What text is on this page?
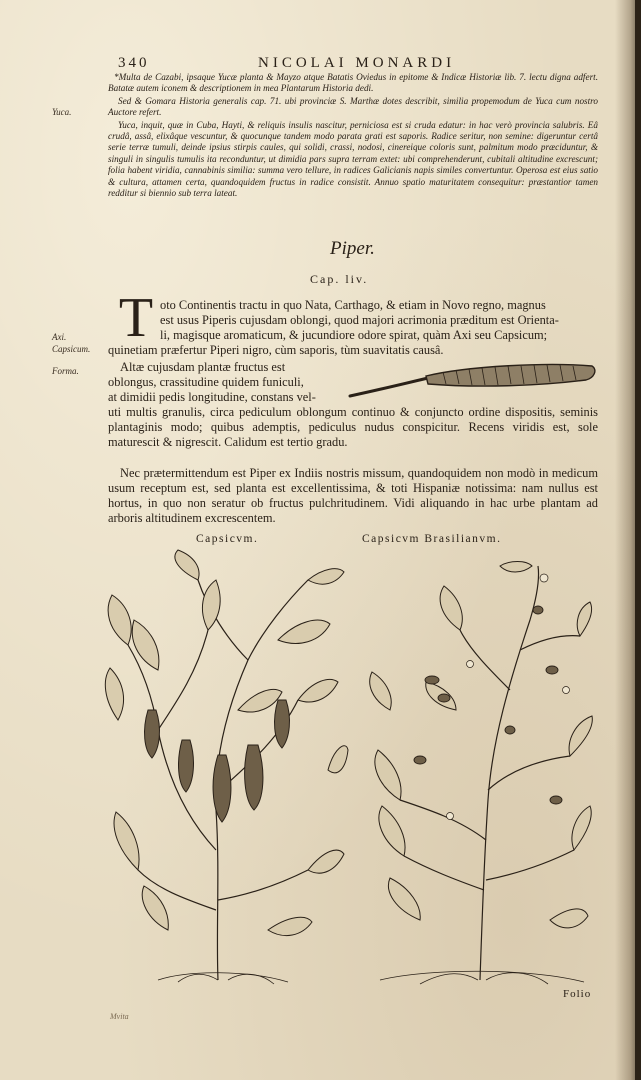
340	NICOLAI MONARDI
Yuca.
Axi.
Capsicum.
Forma.

*Multa de Cazabi, ipsaque Yucæ planta & Mayzo atque Batatis Oviedus in epitome & Indicæ Historiæ lib. 7. lectu digna adfert. Batatæ autem iconem & descriptionem in mea Plantarum Historia dedi.

Sed & Gomara Historia generalis cap. 71. ubi provinciæ S. Marthæ dotes describit, similia propemodum de Yuca cum nostro Auctore refert.

Yuca, inquit, quæ in Cuba, Hayti, & reliquis insulis nascitur, perniciosa est si cruda edatur: in hac verò provincia salubris. Eâ crudâ, assâ, elixâque vescuntur, & quocunque tandem modo parata grati est saporis. Radice seritur, non semine: digeruntur certâ serie terræ tumuli, deinde ipsius stirpis caules, qui solidi, crassi, nodosi, cinereique coloris sunt, palmitum modo præciduntur, & singuli in singulis tumulis ita reconduntur, ut dimidia pars supra terram extet: ubi comprehenderunt, cubitali altitudine excrescunt; folia habent viridia, cannabinis similia: summa vero tellure, in radices Galicianis napis similes convertuntur. Operosa est eius satio & cultura, attamen certa, quandoquidem fructus in radice consistit. Annuo spatio maturitatem consequitur: præstantior tamen redditur si biennio sub terra lateat.

Piper.
Cap. liv.
T oto Continentis tractu in quo Nata, Carthago, & etiam in Novo regno, magnus
est usus Piperis cujusdam oblongi, quod majori acrimonia præditum est Orienta-
li, magisque aromaticum, & jucundiore odore spirat, quàm Axi seu Capsicum;
quinetiam præfertur Piperi nigro, cùm saporis, tùm suavitatis causâ.
Altæ cujusdam plantæ fructus est
oblongus, crassitudine quidem funiculi,
at dimidii pedis longitudine, constans vel-
uti multis granulis, circa pediculum oblongum continuo & conjuncto ordine dispositis, seminis plantaginis modo; quibus ademptis, pediculus nudus conspicitur. Recens viridis est, sole maturescit & nigrescit. Calidum est tertio gradu.
Nec prætermittendum est Piper ex Indiis nostris missum, quandoquidem non modò in medicum usum receptum est, sed planta est excellentissima, & toti Hispaniæ notissima: nam nullus est hortus, in quo non seratur ob fructus pulchritudinem. Vidi aliquando in hac urbe plantam ad arboris altitudinem excrescentem.
Capsicvm.	Capsicvm Brasilianvm.
Folio
Mvita
